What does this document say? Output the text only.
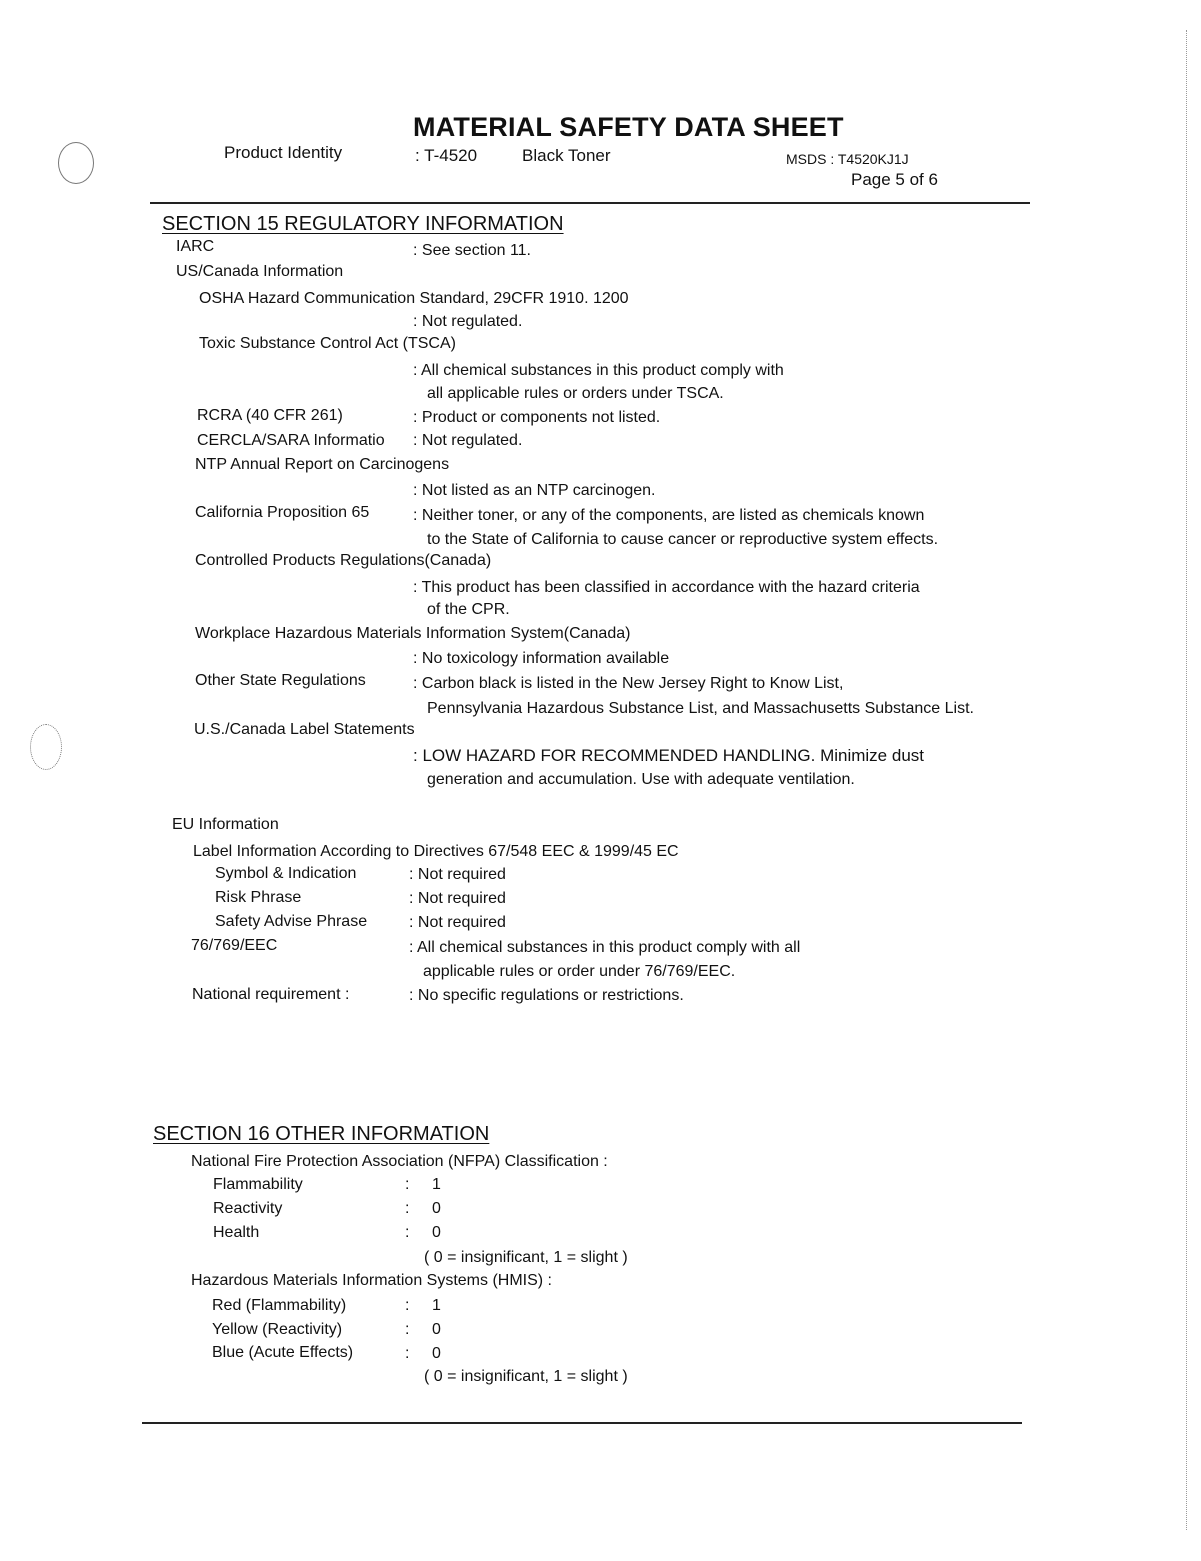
MATERIAL SAFETY DATA SHEET
Product Identity	: T-4520	Black Toner	MSDS : T4520KJ1J
Page 5 of 6
SECTION 15 REGULATORY INFORMATION
IARC	: See section 11.
US/Canada Information
OSHA Hazard Communication Standard, 29CFR 1910. 1200
: Not regulated.
Toxic Substance Control Act (TSCA)
: All chemical substances in this product comply with
all applicable rules or orders under TSCA.
RCRA (40 CFR 261)	: Product or components not listed.
CERCLA/SARA Informatio : Not regulated.
NTP Annual Report on Carcinogens
: Not listed as an NTP carcinogen.
California Proposition 65	: Neither toner, or any of the components, are listed as chemicals known
to the State of California to cause cancer or reproductive system effects.
Controlled Products Regulations(Canada)
: This product has been classified in accordance with the hazard criteria
of the CPR.
Workplace Hazardous Materials Information System(Canada)
: No toxicology information available
Other State Regulations	: Carbon black is listed in the New Jersey Right to Know List,
Pennsylvania Hazardous Substance List, and Massachusetts Substance List.
U.S./Canada Label Statements
: LOW HAZARD FOR RECOMMENDED HANDLING. Minimize dust
generation and accumulation. Use with adequate ventilation.
EU Information
Label Information According to Directives 67/548 EEC & 1999/45 EC
Symbol & Indication	: Not required
Risk Phrase	: Not required
Safety Advise Phrase	: Not required
76/769/EEC	: All chemical substances in this product comply with all
applicable rules or order under 76/769/EEC.
National requirement :	: No specific regulations or restrictions.
SECTION 16 OTHER INFORMATION
National Fire Protection Association (NFPA) Classification :
Flammability	: 1
Reactivity	: 0
Health	: 0
( 0 = insignificant, 1 = slight )
Hazardous Materials Information Systems (HMIS) :
Red (Flammability)	: 1
Yellow (Reactivity)	: 0
Blue (Acute Effects)	: 0
( 0 = insignificant, 1 = slight )
